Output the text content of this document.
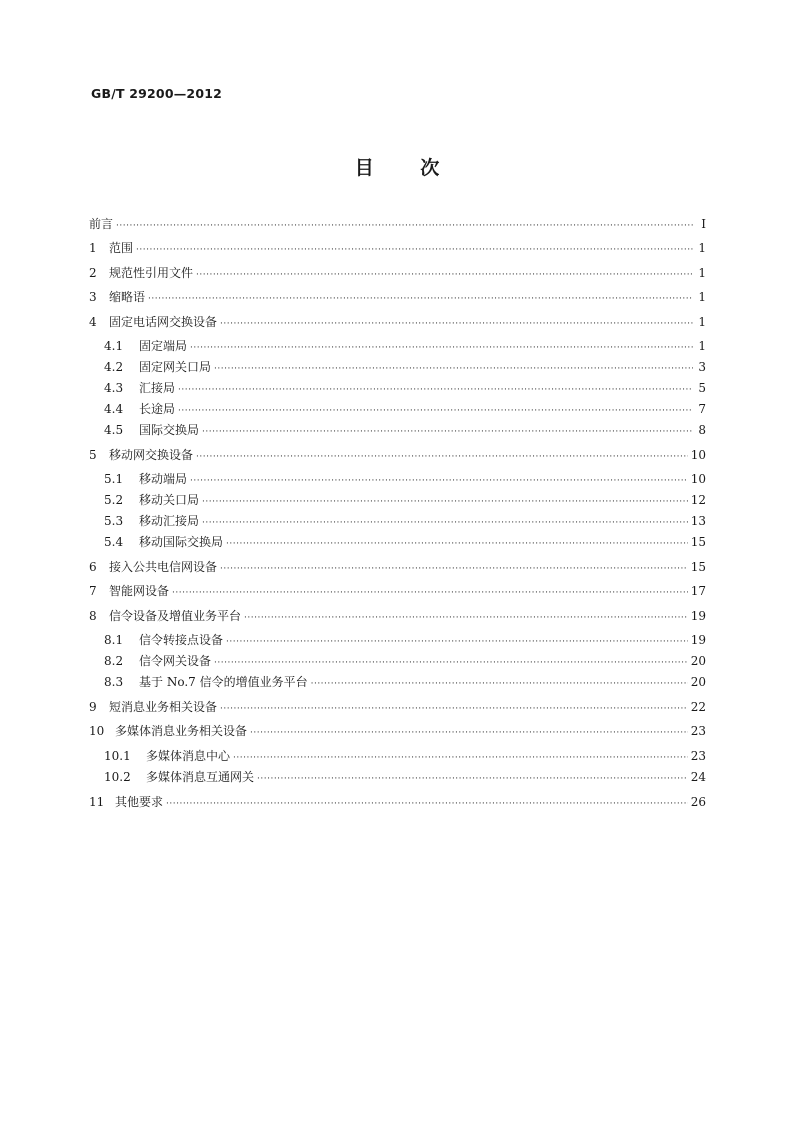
GB/T 29200—2012
目 次
前言 ·····	Ⅰ
1	范围 ·····	1
2	规范性引用文件 ·····	1
3	缩略语 ·····	1
4	固定电话网交换设备 ·····	1
4.1	固定端局 ·····	1
4.2	固定网关口局 ·····	3
4.3	汇接局 ·····	5
4.4	长途局 ·····	7
4.5	国际交换局 ·····	8
5	移动网交换设备 ·····	10
5.1	移动端局 ·····	10
5.2	移动关口局 ·····	12
5.3	移动汇接局 ·····	13
5.4	移动国际交换局 ·····	15
6	接入公共电信网设备 ·····	15
7	智能网设备 ·····	17
8	信令设备及增值业务平台 ·····	19
8.1	信令转接点设备 ·····	19
8.2	信令网关设备 ·····	20
8.3	基于 No.7 信令的增值业务平台 ·····	20
9	短消息业务相关设备 ·····	22
10 多媒体消息业务相关设备 ·····	23
10.1	多媒体消息中心 ·····	23
10.2	多媒体消息互通网关 ·····	24
11 其他要求 ·····	26
